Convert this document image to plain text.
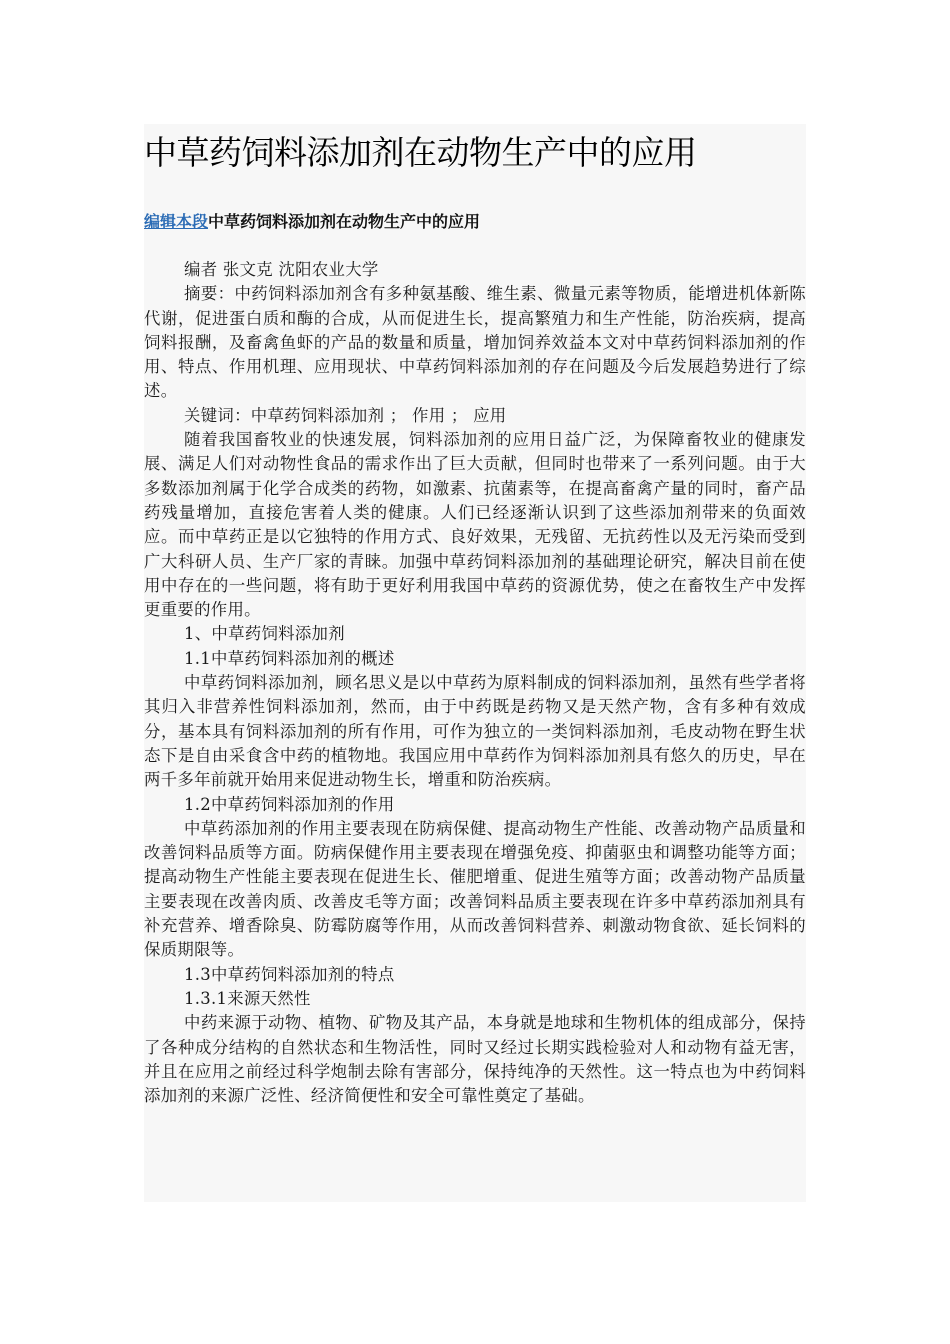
中草药饲料添加剂在动物生产中的应用
编辑本段中草药饲料添加剂在动物生产中的应用

编者 张文克 沈阳农业大学

摘要：中药饲料添加剂含有多种氨基酸、维生素、微量元素等物质，能增进机体新陈代谢，促进蛋白质和酶的合成，从而促进生长，提高繁殖力和生产性能，防治疾病，提高饲料报酬，及畜禽鱼虾的产品的数量和质量，增加饲养效益本文对中草药饲料添加剂的作用、特点、作用机理、应用现状、中草药饲料添加剂的存在问题及今后发展趋势进行了综述。

关键词：中草药饲料添加剂 ； 作用 ； 应用

随着我国畜牧业的快速发展，饲料添加剂的应用日益广泛，为保障畜牧业的健康发展、满足人们对动物性食品的需求作出了巨大贡献，但同时也带来了一系列问题。由于大多数添加剂属于化学合成类的药物，如激素、抗菌素等，在提高畜禽产量的同时，畜产品药残量增加，直接危害着人类的健康。人们已经逐渐认识到了这些添加剂带来的负面效应。而中草药正是以它独特的作用方式、良好效果，无残留、无抗药性以及无污染而受到广大科研人员、生产厂家的青睐。加强中草药饲料添加剂的基础理论研究，解决目前在使用中存在的一些问题，将有助于更好利用我国中草药的资源优势，使之在畜牧生产中发挥更重要的作用。

1、中草药饲料添加剂

1.1中草药饲料添加剂的概述

中草药饲料添加剂，顾名思义是以中草药为原料制成的饲料添加剂，虽然有些学者将其归入非营养性饲料添加剂，然而，由于中药既是药物又是天然产物，含有多种有效成分，基本具有饲料添加剂的所有作用，可作为独立的一类饲料添加剂，毛皮动物在野生状态下是自由采食含中药的植物地。我国应用中草药作为饲料添加剂具有悠久的历史，早在两千多年前就开始用来促进动物生长，增重和防治疾病。

1.2中草药饲料添加剂的作用

中草药添加剂的作用主要表现在防病保健、提高动物生产性能、改善动物产品质量和改善饲料品质等方面。防病保健作用主要表现在增强免疫、抑菌驱虫和调整功能等方面；提高动物生产性能主要表现在促进生长、催肥增重、促进生殖等方面；改善动物产品质量主要表现在改善肉质、改善皮毛等方面；改善饲料品质主要表现在许多中草药添加剂具有补充营养、增香除臭、防霉防腐等作用，从而改善饲料营养、刺激动物食欲、延长饲料的保质期限等。

1.3中草药饲料添加剂的特点

1.3.1来源天然性

中药来源于动物、植物、矿物及其产品，本身就是地球和生物机体的组成部分，保持了各种成分结构的自然状态和生物活性，同时又经过长期实践检验对人和动物有益无害，并且在应用之前经过科学炮制去除有害部分，保持纯净的天然性。这一特点也为中药饲料添加剂的来源广泛性、经济简便性和安全可靠性奠定了基础。
